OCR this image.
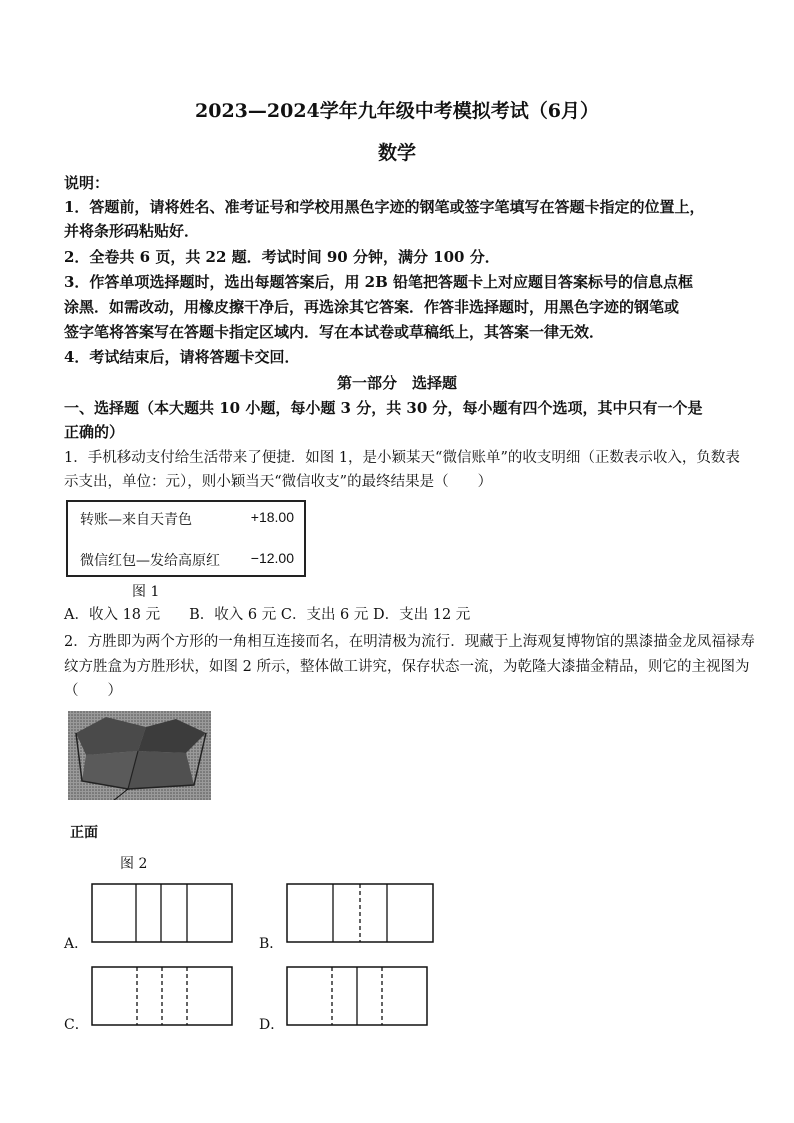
2023—2024学年九年级中考模拟考试（6月）
数学
说明：
1．答题前，请将姓名、准考证号和学校用黑色字迹的钢笔或签字笔填写在答题卡指定的位置上，
并将条形码粘贴好．
2．全卷共 6 页，共 22 题．考试时间 90 分钟，满分 100 分．
3．作答单项选择题时，选出每题答案后，用 2B 铅笔把答题卡上对应题目答案标号的信息点框
涂黑．如需改动，用橡皮擦干净后，再选涂其它答案．作答非选择题时，用黑色字迹的钢笔或
签字笔将答案写在答题卡指定区域内．写在本试卷或草稿纸上，其答案一律无效．
4．考试结束后，请将答题卡交回．
第一部分　选择题
一、选择题（本大题共 10 小题，每小题 3 分，共 30 分，每小题有四个选项，其中只有一个是
正确的）
1．手机移动支付给生活带来了便捷．如图 1，是小颖某天“微信账单”的收支明细（正数表示收入，负数表
示支出，单位：元），则小颖当天“微信收支”的最终结果是（　　）
转账—来自天青色	+18.00
微信红包—发给高原红 −12.00
图 1
A．收入 18 元　　B．收入 6 元 C．支出 6 元 D．支出 12 元
2．方胜即为两个方形的一角相互连接而名，在明清极为流行．现藏于上海观复博物馆的黑漆描金龙凤福禄寿
纹方胜盒为方胜形状，如图 2 所示，整体做工讲究，保存状态一流，为乾隆大漆描金精品，则它的主视图为
（　　）
正面
图 2
A．	B．
C．	D．
